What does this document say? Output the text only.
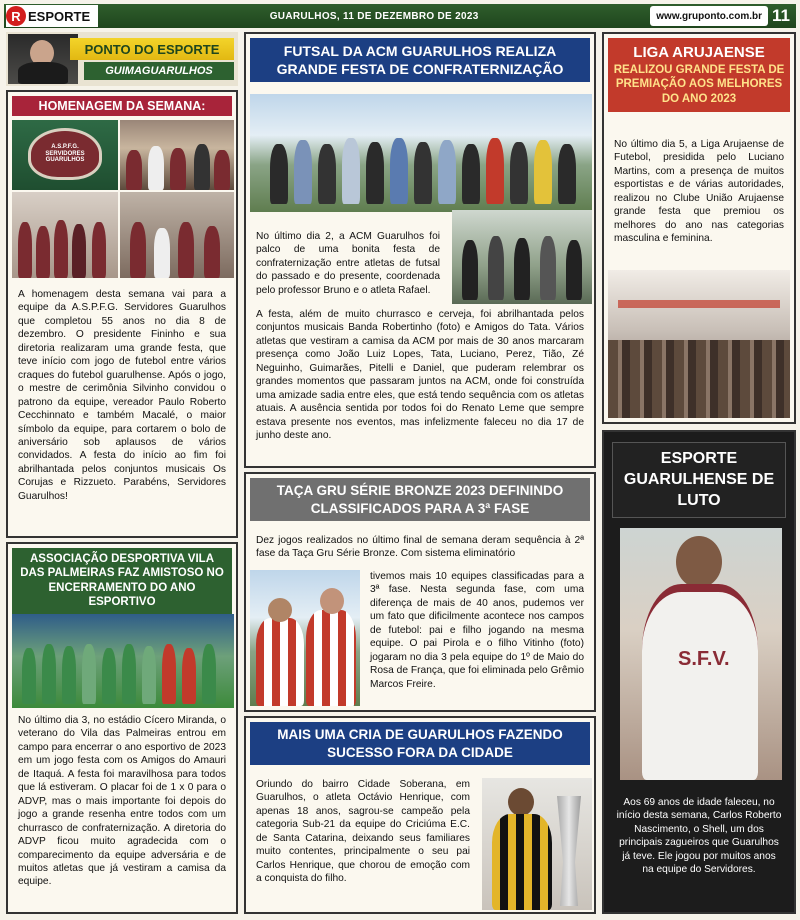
R ESPORTE	GUARULHOS, 11 DE DEZEMBRO DE 2023	www.gruponto.com.br 11
PONTO DO ESPORTE
GUIMAGUARULHOS
HOMENAGEM DA SEMANA:
A.S.P.F.G. SERVIDORES GUARULHOS
A homenagem desta semana vai para a equipe da A.S.P.F.G. Servidores Guarulhos que completou 55 anos no dia 8 de dezembro. O presidente Fininho e sua diretoria realizaram uma grande festa, que teve início com jogo de futebol entre vários craques do futebol guarulhense. Após o jogo, o mestre de cerimônia Silvinho convidou o patrono da equipe, vereador Paulo Roberto Cecchinnato e também Macalé, o maior símbolo da equipe, para cortarem o bolo de aniversário sob aplausos de vários convidados. A festa do início ao fim foi abrilhantada pelos conjuntos musicais Os Corujas e Rizzueto. Parabéns, Servidores Guarulhos!
ASSOCIAÇÃO DESPORTIVA VILA DAS PALMEIRAS FAZ AMISTOSO NO ENCERRAMENTO DO ANO ESPORTIVO
No último dia 3, no estádio Cícero Miranda, o veterano do Vila das Palmeiras entrou em campo para encerrar o ano esportivo de 2023 em um jogo festa com os Amigos do Amauri de Itaquá. A festa foi maravilhosa para todos que lá estiveram. O placar foi de 1 x 0 para o ADVP, mas o mais importante foi depois do jogo a grande resenha entre todos com um churrasco de confraternização. A diretoria do ADVP ficou muito agradecida com o comparecimento da equipe adversária e de muitos atletas que já vestiram a camisa da equipe.
FUTSAL DA ACM GUARULHOS REALIZA GRANDE FESTA DE CONFRATERNIZAÇÃO
No último dia 2, a ACM Guarulhos foi palco de uma bonita festa de confraternização entre atletas de futsal do passado e do presente, coordenada pelo professor Bruno e o atleta Rafael.
A festa, além de muito churrasco e cerveja, foi abrilhantada pelos conjuntos musicais Banda Robertinho (foto) e Amigos do Tata. Vários atletas que vestiram a camisa da ACM por mais de 30 anos marcaram presença como João Luiz Lopes, Tata, Luciano, Perez, Tião, Zé Neguinho, Guimarães, Pitelli e Daniel, que puderam relembrar os grandes momentos que passaram juntos na ACM, onde foi construída uma amizade sadia entre eles, que está tendo sequência com os atletas atuais. A ausência sentida por todos foi do Renato Leme que sempre estava presente nos eventos, mas infelizmente faleceu no dia 17 de junho deste ano.
TAÇA GRU SÉRIE BRONZE 2023 DEFININDO CLASSIFICADOS PARA A 3ª FASE
Dez jogos realizados no último final de semana deram sequência à 2ª fase da Taça Gru Série Bronze. Com sistema eliminatório
tivemos mais 10 equipes classificadas para a 3ª fase. Nesta segunda fase, com uma diferença de mais de 40 anos, pudemos ver um fato que dificilmente acontece nos campos de futebol: pai e filho jogando na mesma equipe. O pai Pirola e o filho Vitinho (foto) jogaram no dia 3 pela equipe do 1º de Maio do Rosa de França, que foi eliminada pelo Grêmio Marcos Freire.
MAIS UMA CRIA DE GUARULHOS FAZENDO SUCESSO FORA DA CIDADE
Oriundo do bairro Cidade Soberana, em Guarulhos, o atleta Octávio Henrique, com apenas 18 anos, sagrou-se campeão pela categoria Sub-21 da equipe do Criciúma E.C. de Santa Catarina, deixando seus familiares muito contentes, principalmente o seu pai Carlos Henrique, que chorou de emoção com a conquista do filho.
LIGA ARUJAENSE
REALIZOU GRANDE FESTA DE PREMIAÇÃO AOS MELHORES DO ANO 2023
No último dia 5, a Liga Arujaense de Futebol, presidida pelo Luciano Martins, com a presença de muitos esportistas e de várias autoridades, realizou no Clube União Arujaense grande festa que premiou os melhores do ano nas categorias masculina e feminina.
ESPORTE GUARULHENSE DE LUTO
S.F.V.
Aos 69 anos de idade faleceu, no início desta semana, Carlos Roberto Nascimento, o Shell, um dos principais zagueiros que Guarulhos já teve. Ele jogou por muitos anos na equipe do Servidores.
